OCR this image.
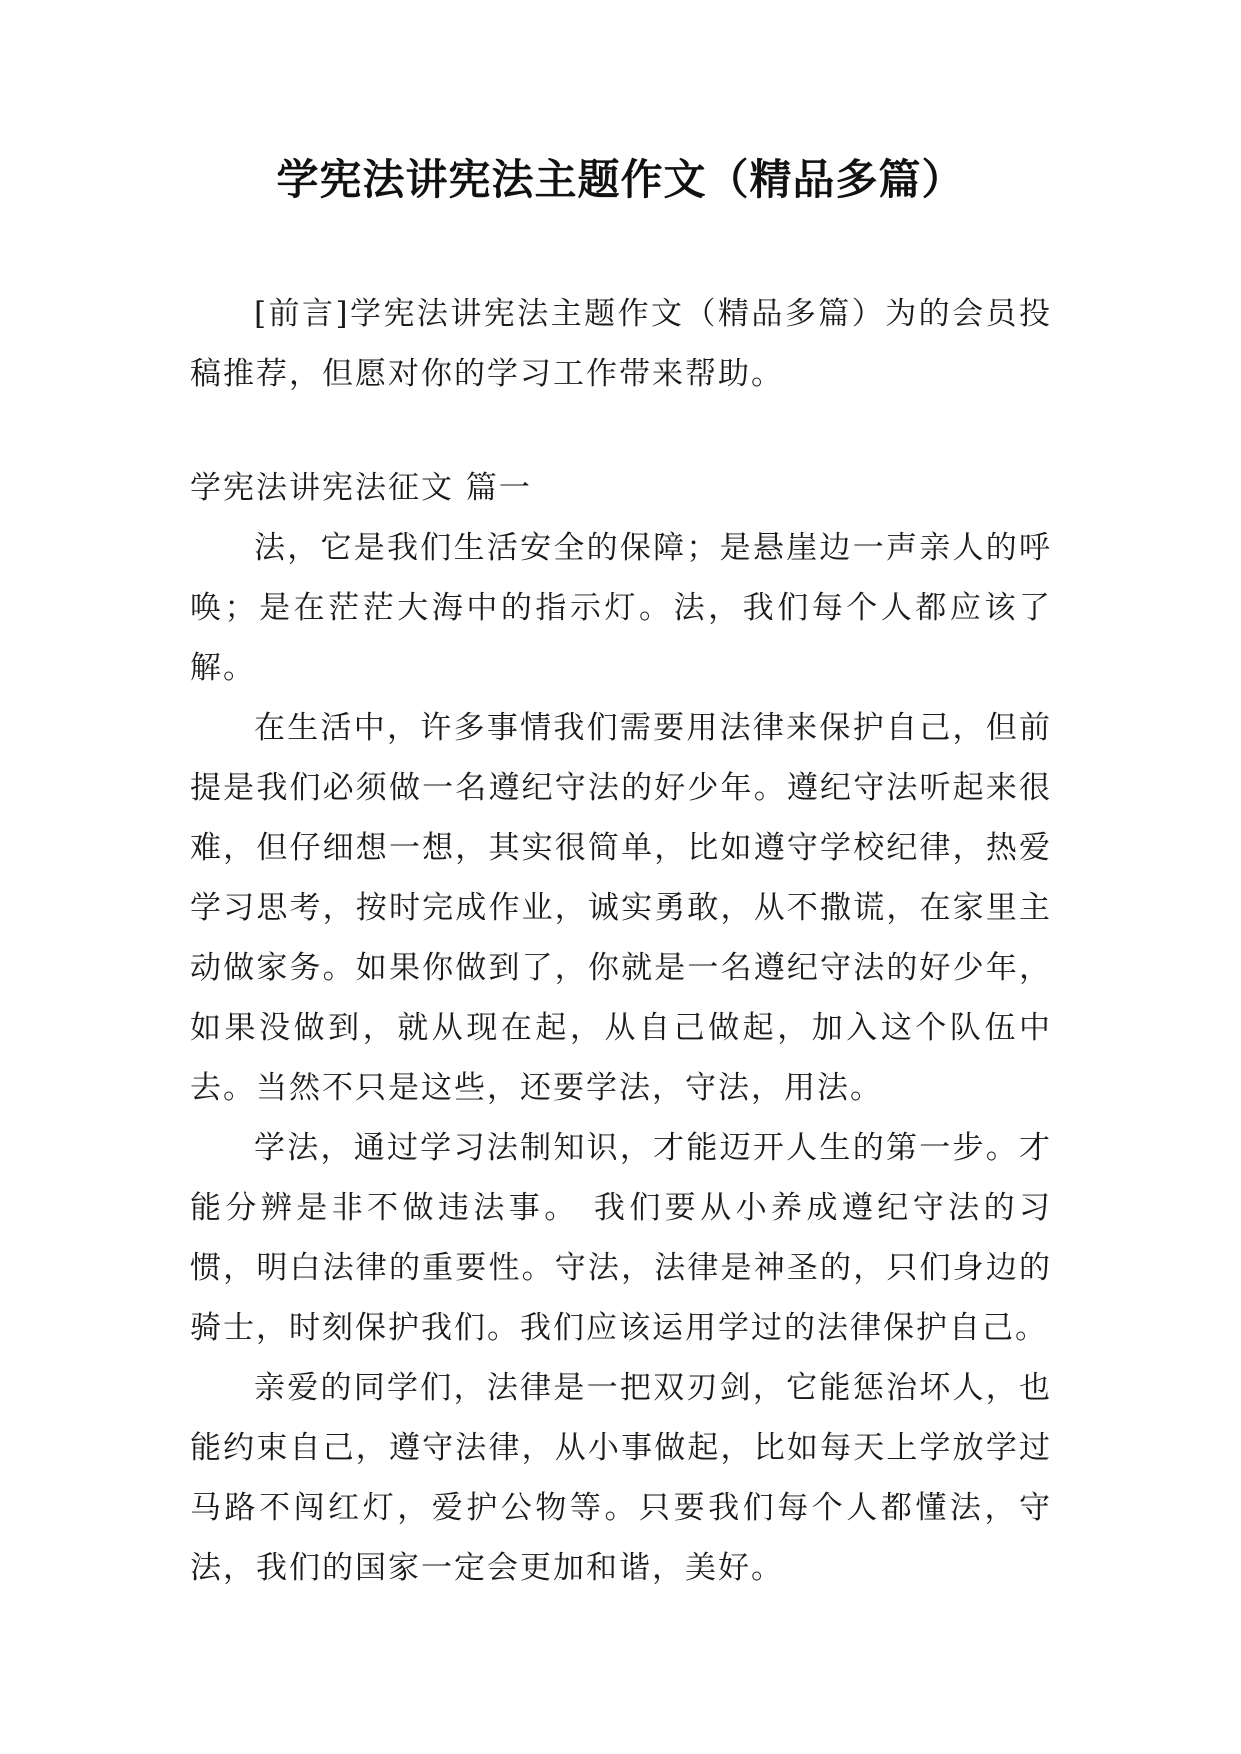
学宪法讲宪法主题作文（精品多篇）

[前言]学宪法讲宪法主题作文（精品多篇）为的会员投稿推荐，但愿对你的学习工作带来帮助。

学宪法讲宪法征文 篇一

法，它是我们生活安全的保障；是悬崖边一声亲人的呼唤；是在茫茫大海中的指示灯。法，我们每个人都应该了解。

在生活中，许多事情我们需要用法律来保护自己，但前提是我们必须做一名遵纪守法的好少年。遵纪守法听起来很难，但仔细想一想，其实很简单，比如遵守学校纪律，热爱学习思考，按时完成作业，诚实勇敢，从不撒谎，在家里主动做家务。如果你做到了，你就是一名遵纪守法的好少年，如果没做到，就从现在起，从自己做起，加入这个队伍中去。当然不只是这些，还要学法，守法，用法。

学法，通过学习法制知识，才能迈开人生的第一步。才能分辨是非不做违法事。 我们要从小养成遵纪守法的习惯，明白法律的重要性。守法，法律是神圣的，只们身边的骑士，时刻保护我们。我们应该运用学过的法律保护自己。

亲爱的同学们，法律是一把双刃剑，它能惩治坏人，也能约束自己，遵守法律，从小事做起，比如每天上学放学过马路不闯红灯，爱护公物等。只要我们每个人都懂法，守法，我们的国家一定会更加和谐，美好。
